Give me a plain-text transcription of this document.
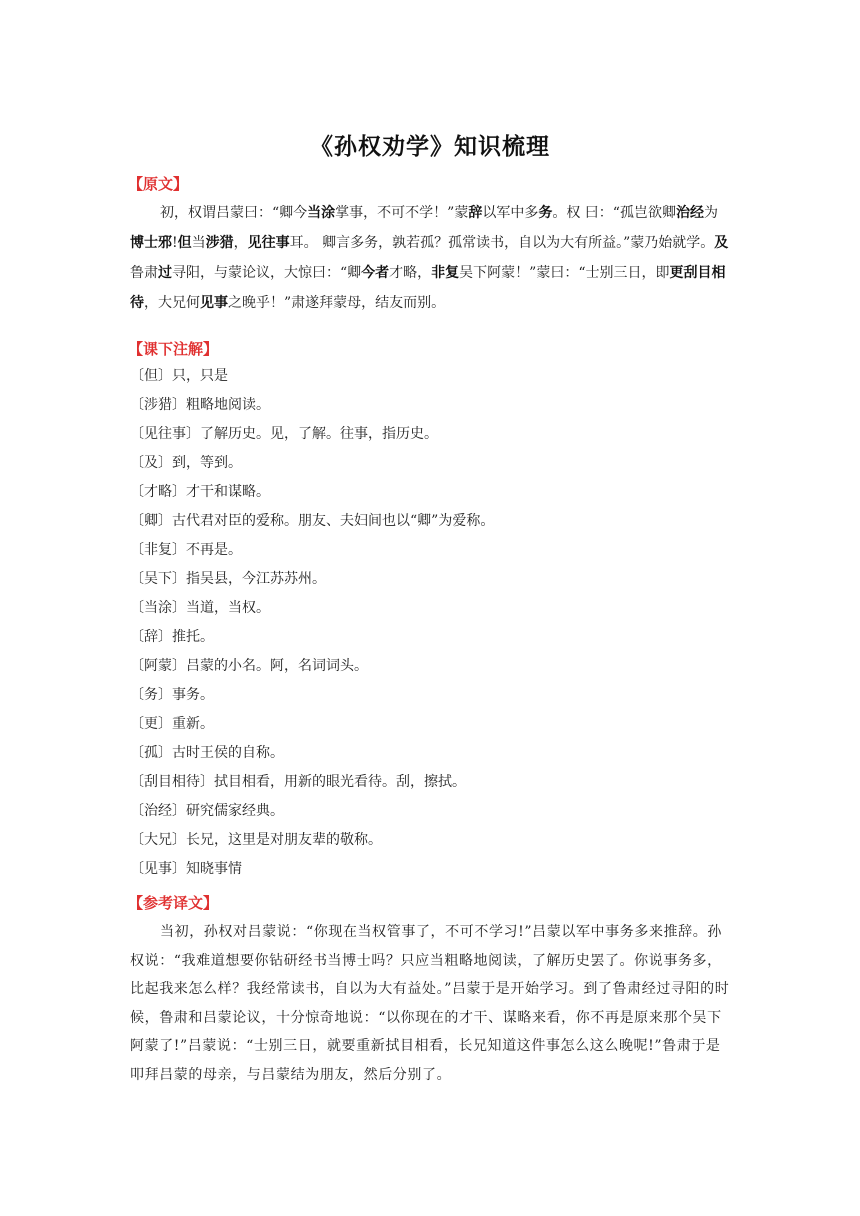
《孙权劝学》知识梳理
【原文】
初，权谓吕蒙曰：“卿今当涂掌事，不可不学！”蒙辞以军中多务。权 曰：“孤岂欲卿治经为博士邪!但当涉猎，见往事耳。 卿言多务，孰若孤？孤常读书，自以为大有所益。”蒙乃始就学。及鲁肃过寻阳，与蒙论议，大惊曰：“卿今者才略，非复吴下阿蒙！”蒙曰：“士别三日，即更刮目相待，大兄何见事之晚乎！”肃遂拜蒙母，结友而别。
【课下注解】
〔但〕只，只是
〔涉猎〕粗略地阅读。
〔见往事〕了解历史。见，了解。往事，指历史。
〔及〕到，等到。
〔才略〕才干和谋略。
〔卿〕古代君对臣的爱称。朋友、夫妇间也以“卿”为爱称。
〔非复〕不再是。
〔吴下〕指吴县，今江苏苏州。
〔当涂〕当道，当权。
〔辞〕推托。
〔阿蒙〕吕蒙的小名。阿，名词词头。
〔务〕事务。
〔更〕重新。
〔孤〕古时王侯的自称。
〔刮目相待〕拭目相看，用新的眼光看待。刮，擦拭。
〔治经〕研究儒家经典。
〔大兄〕长兄，这里是对朋友辈的敬称。
〔见事〕知晓事情
【参考译文】
当初，孙权对吕蒙说：“你现在当权管事了，不可不学习!”吕蒙以军中事务多来推辞。孙权说：“我难道想要你钻研经书当博士吗？只应当粗略地阅读，了解历史罢了。你说事务多，比起我来怎么样？我经常读书，自以为大有益处。”吕蒙于是开始学习。到了鲁肃经过寻阳的时候，鲁肃和吕蒙论议，十分惊奇地说：“以你现在的才干、谋略来看，你不再是原来那个吴下阿蒙了!”吕蒙说：“士别三日，就要重新拭目相看，长兄知道这件事怎么这么晚呢!”鲁肃于是叩拜吕蒙的母亲，与吕蒙结为朋友，然后分别了。
